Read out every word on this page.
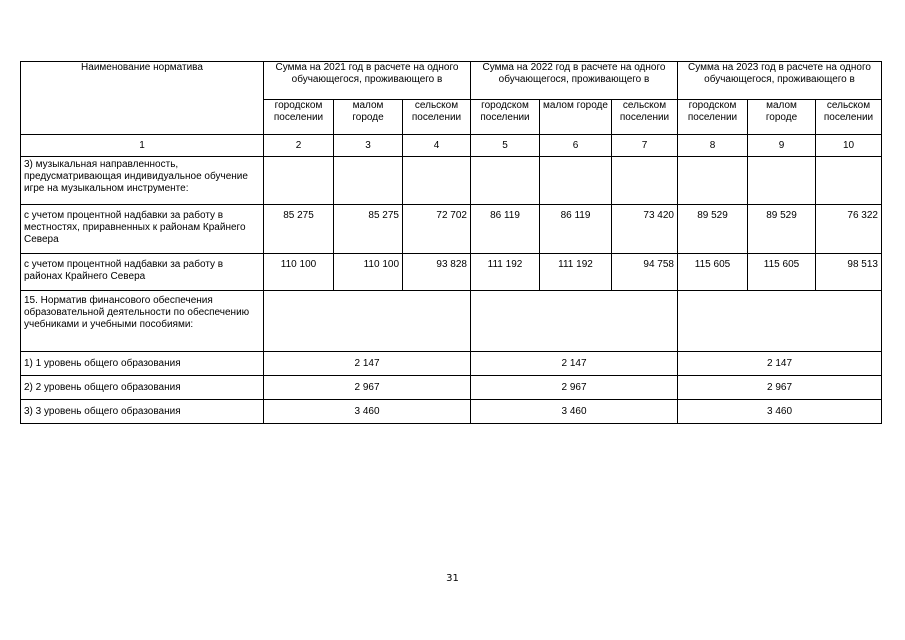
Наименование норматива	Сумма на 2021 год в расчете на одного обучающегося, проживающего в			Сумма на 2022 год в расчете на одного обучающегося, проживающего в			Сумма на 2023 год в расчете на одного обучающегося, проживающего в		
	городском поселении	малом городе	сельском поселении	городском поселении	малом городе	сельском поселении	городском поселении	малом городе	сельском поселении
1	2	3	4	5	6	7	8	9	10
3) музыкальная направленность, предусматривающая индивидуальное обучение игре на музыкальном инструменте:									
с учетом процентной надбавки за работу в местностях, приравненных к районам Крайнего Севера	85 275	85 275	72 702	86 119	86 119	73 420	89 529	89 529	76 322
с учетом процентной надбавки за работу в районах Крайнего Севера	110 100	110 100	93 828	111 192	111 192	94 758	115 605	115 605	98 513
15. Норматив финансового обеспечения образовательной деятельности по обеспечению учебниками и учебными пособиями:									
1) 1 уровень общего образования	2 147			2 147			2 147		
2) 2 уровень общего образования	2 967			2 967			2 967		
3) 3 уровень общего образования	3 460			3 460			3 460		
31
